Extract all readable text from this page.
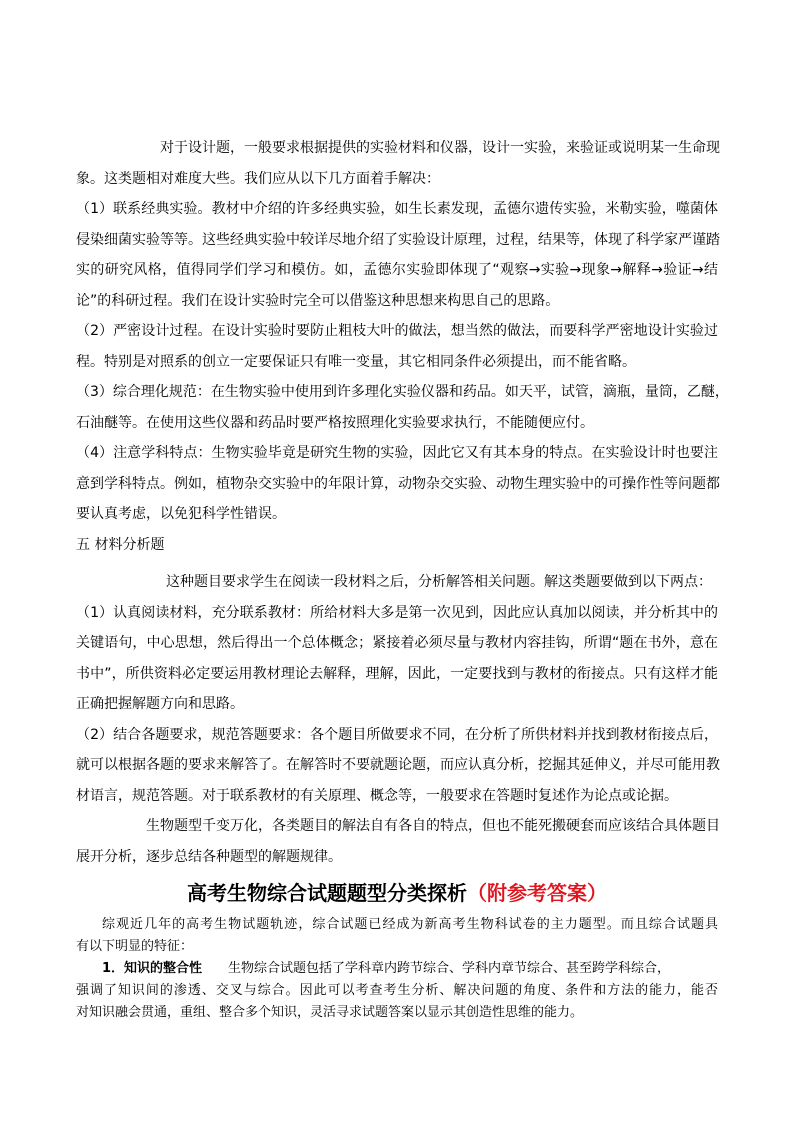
对于设计题，一般要求根据提供的实验材料和仪器，设计一实验，来验证或说明某一生命现
象。这类题相对难度大些。我们应从以下几方面着手解决：
（1）联系经典实验。教材中介绍的许多经典实验，如生长素发现，孟德尔遗传实验，米勒实验，噬菌体
侵染细菌实验等等。这些经典实验中较详尽地介绍了实验设计原理，过程，结果等，体现了科学家严谨踏
实的研究风格，值得同学们学习和模仿。如，孟德尔实验即体现了“观察→实验→现象→解释→验证→结
论”的科研过程。我们在设计实验时完全可以借鉴这种思想来构思自己的思路。
（2）严密设计过程。在设计实验时要防止粗枝大叶的做法，想当然的做法，而要科学严密地设计实验过
程。特别是对照系的创立一定要保证只有唯一变量，其它相同条件必须提出，而不能省略。
（3）综合理化规范：在生物实验中使用到许多理化实验仪器和药品。如天平，试管，滴瓶，量筒，乙醚，
石油醚等。在使用这些仪器和药品时要严格按照理化实验要求执行，不能随便应付。
（4）注意学科特点：生物实验毕竟是研究生物的实验，因此它又有其本身的特点。在实验设计时也要注
意到学科特点。例如，植物杂交实验中的年限计算，动物杂交实验、动物生理实验中的可操作性等问题都
要认真考虑，以免犯科学性错误。
五 材料分析题
这种题目要求学生在阅读一段材料之后，分析解答相关问题。解这类题要做到以下两点：
（1）认真阅读材料，充分联系教材：所给材料大多是第一次见到，因此应认真加以阅读，并分析其中的
关键语句，中心思想，然后得出一个总体概念；紧接着必须尽量与教材内容挂钩，所谓“题在书外，意在
书中”，所供资料必定要运用教材理论去解释，理解，因此，一定要找到与教材的衔接点。只有这样才能
正确把握解题方向和思路。
（2）结合各题要求，规范答题要求：各个题目所做要求不同，在分析了所供材料并找到教材衔接点后，
就可以根据各题的要求来解答了。在解答时不要就题论题，而应认真分析，挖掘其延伸义，并尽可能用教
材语言，规范答题。对于联系教材的有关原理、概念等，一般要求在答题时复述作为论点或论据。
生物题型千变万化，各类题目的解法自有各自的特点，但也不能死搬硬套而应该结合具体题目
展开分析，逐步总结各种题型的解题规律。
高考生物综合试题题型分类探析（附参考答案）
综观近几年的高考生物试题轨迹，综合试题已经成为新高考生物科试卷的主力题型。而且综合试题具
有以下明显的特征：
1．知识的整合性 生物综合试题包括了学科章内跨节综合、学科内章节综合、甚至跨学科综合，
强调了知识间的渗透、交叉与综合。因此可以考查考生分析、解决问题的角度、条件和方法的能力，能否
对知识融会贯通，重组、整合多个知识，灵活寻求试题答案以显示其创造性思维的能力。
